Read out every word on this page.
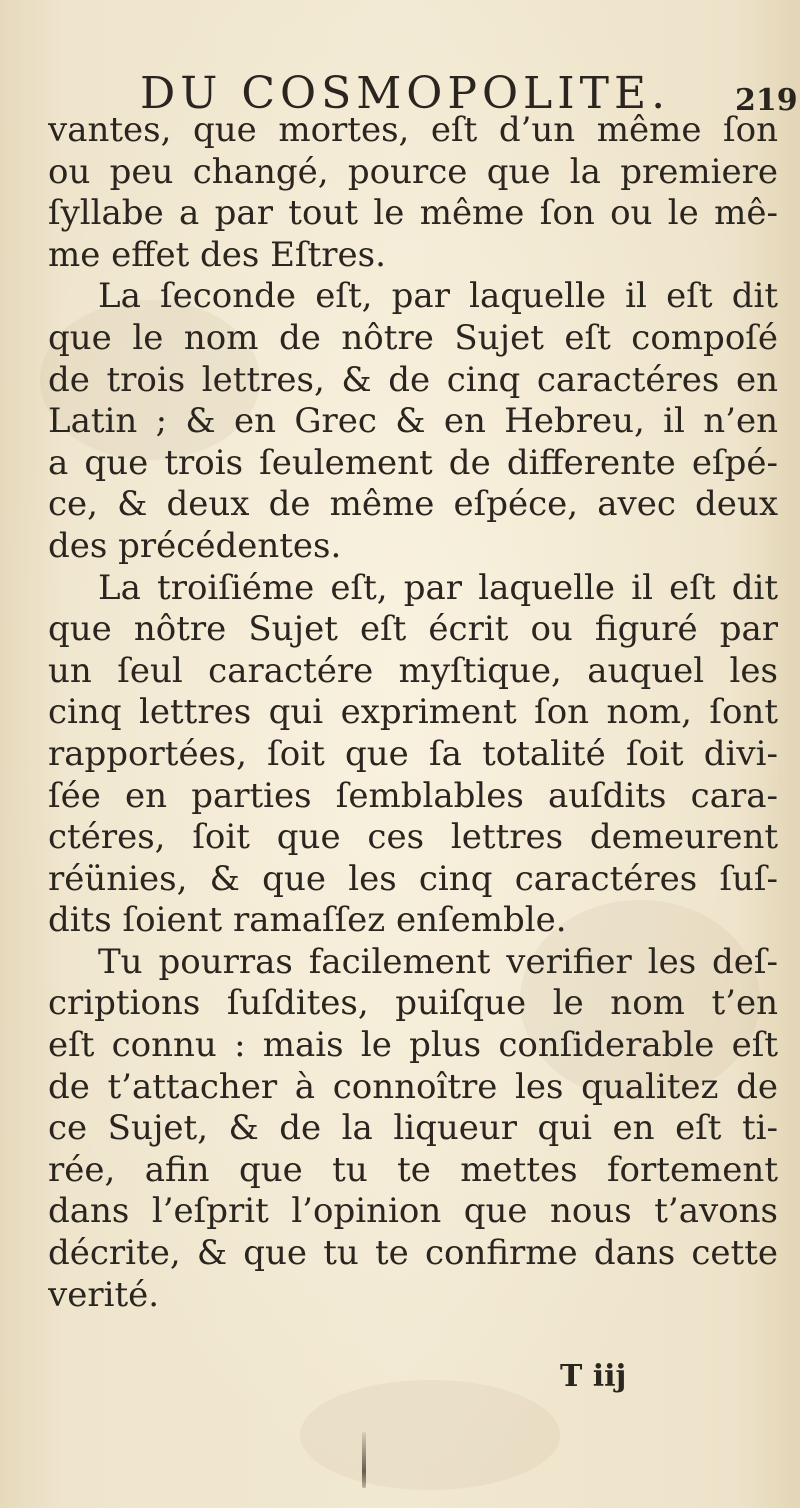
DU COSMOPOLITE. 219
vantes, que mortes, eſt d’un même ſon
ou peu changé, pource que la premiere
ſyllabe a par tout le même ſon ou le mê-
me effet des Eſtres.
La ſeconde eſt, par laquelle il eſt dit
que le nom de nôtre Sujet eſt compoſé
de trois lettres, & de cinq caractéres en
Latin ; & en Grec & en Hebreu, il n’en
a que trois ſeulement de differente eſpé-
ce, & deux de même eſpéce, avec deux
des précédentes.
La troiſiéme eſt, par laquelle il eſt dit
que nôtre Sujet eſt écrit ou figuré par
un ſeul caractére myſtique, auquel les
cinq lettres qui expriment ſon nom, ſont
rapportées, ſoit que ſa totalité ſoit divi-
ſée en parties ſemblables auſdits cara-
ctéres, ſoit que ces lettres demeurent
réünies, & que les cinq caractéres ſuſ-
dits ſoient ramaſſez enſemble.
Tu pourras facilement verifier les deſ-
criptions ſuſdites, puiſque le nom t’en
eſt connu : mais le plus conſiderable eſt
de t’attacher à connoître les qualitez de
ce Sujet, & de la liqueur qui en eſt ti-
rée, afin que tu te mettes fortement
dans l’eſprit l’opinion que nous t’avons
décrite, & que tu te confirme dans cette
verité.
T iij
